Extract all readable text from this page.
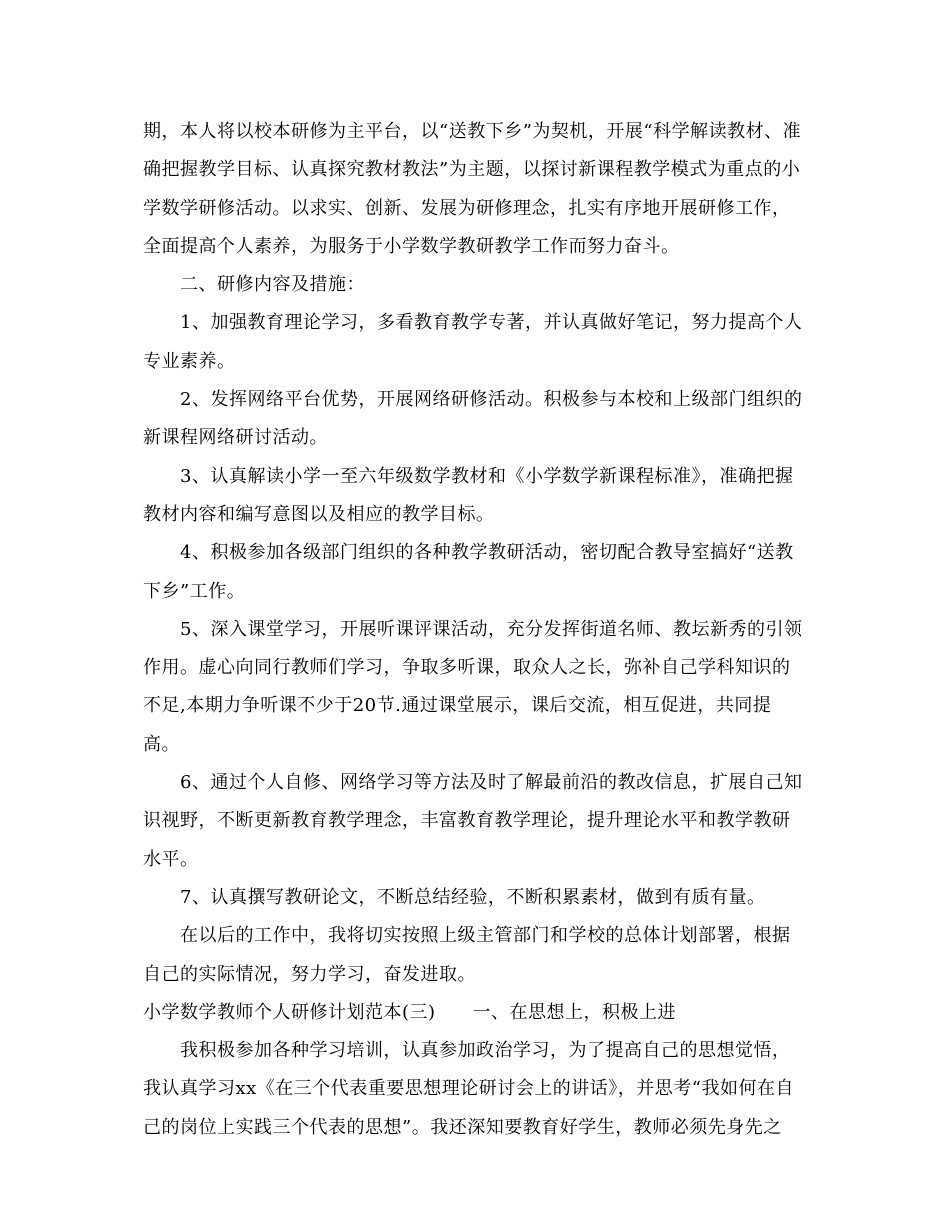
期，本人将以校本研修为主平台，以“送教下乡”为契机，开展“科学解读教材、准
确把握教学目标、认真探究教材教法”为主题，以探讨新课程教学模式为重点的小
学数学研修活动。以求实、创新、发展为研修理念，扎实有序地开展研修工作，
全面提高个人素养，为服务于小学数学教研教学工作而努力奋斗。
二、研修内容及措施：
1、加强教育理论学习，多看教育教学专著，并认真做好笔记，努力提高个人
专业素养。
2、发挥网络平台优势，开展网络研修活动。积极参与本校和上级部门组织的
新课程网络研讨活动。
3、认真解读小学一至六年级数学教材和《小学数学新课程标准》，准确把握
教材内容和编写意图以及相应的教学目标。
4、积极参加各级部门组织的各种教学教研活动，密切配合教导室搞好“送教
下乡”工作。
5、深入课堂学习，开展听课评课活动，充分发挥街道名师、教坛新秀的引领
作用。虚心向同行教师们学习，争取多听课，取众人之长，弥补自己学科知识的
不足,本期力争听课不少于20节.通过课堂展示，课后交流，相互促进，共同提
高。
6、通过个人自修、网络学习等方法及时了解最前沿的教改信息，扩展自己知
识视野，不断更新教育教学理念，丰富教育教学理论，提升理论水平和教学教研
水平。
7、认真撰写教研论文，不断总结经验，不断积累素材，做到有质有量。
在以后的工作中，我将切实按照上级主管部门和学校的总体计划部署，根据
自己的实际情况，努力学习，奋发进取。
小学数学教师个人研修计划范本(三)　　一、在思想上，积极上进
我积极参加各种学习培训，认真参加政治学习，为了提高自己的思想觉悟，
我认真学习xx《在三个代表重要思想理论研讨会上的讲话》，并思考“我如何在自
己的岗位上实践三个代表的思想”。我还深知要教育好学生，教师必须先身先之
